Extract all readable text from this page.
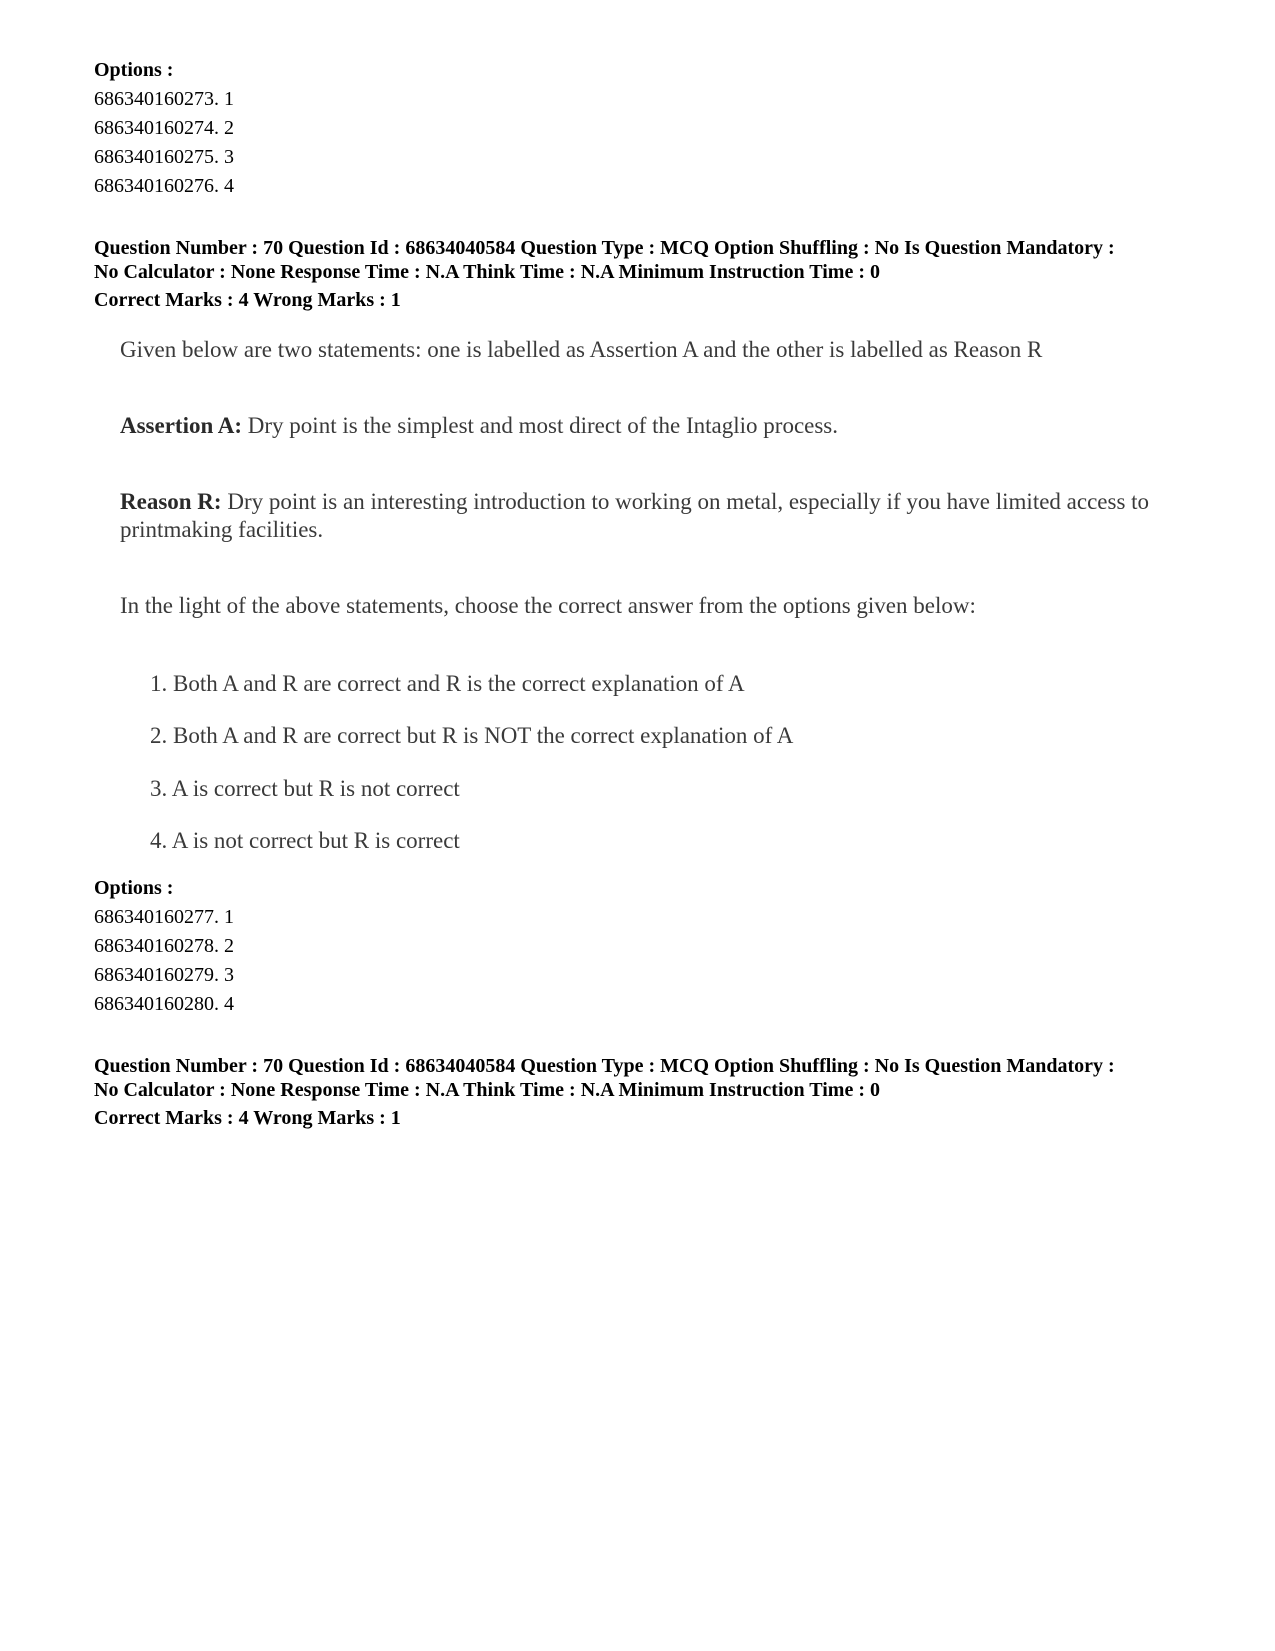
Options :
686340160273. 1
686340160274. 2
686340160275. 3
686340160276. 4
Question Number : 70 Question Id : 68634040584 Question Type : MCQ Option Shuffling : No Is Question Mandatory :
No Calculator : None Response Time : N.A Think Time : N.A Minimum Instruction Time : 0
Correct Marks : 4 Wrong Marks : 1
Given below are two statements: one is labelled as Assertion A and the other is labelled as Reason R
Assertion A: Dry point is the simplest and most direct of the Intaglio process.
Reason R: Dry point is an interesting introduction to working on metal, especially if you have limited access to printmaking facilities.
In the light of the above statements, choose the correct answer from the options given below:
1. Both A and R are correct and R is the correct explanation of A
2. Both A and R are correct but R is NOT the correct explanation of A
3. A is correct but R is not correct
4. A is not correct but R is correct
Options :
686340160277. 1
686340160278. 2
686340160279. 3
686340160280. 4
Question Number : 70 Question Id : 68634040584 Question Type : MCQ Option Shuffling : No Is Question Mandatory :
No Calculator : None Response Time : N.A Think Time : N.A Minimum Instruction Time : 0
Correct Marks : 4 Wrong Marks : 1
